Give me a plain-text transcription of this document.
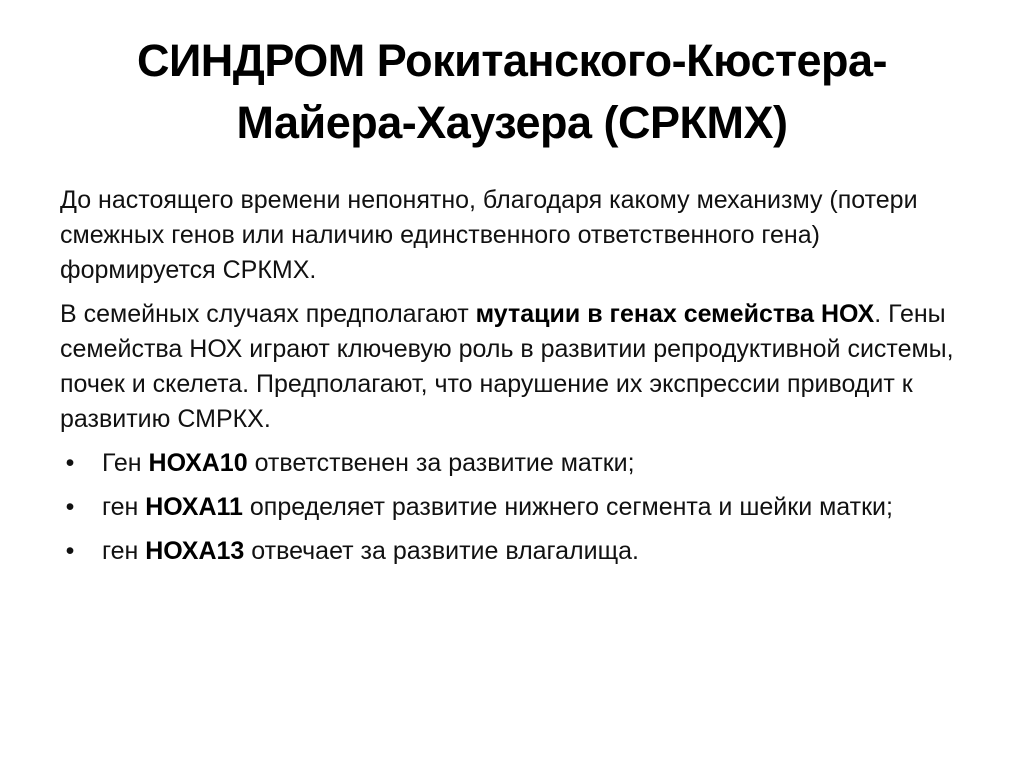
СИНДРОМ Рокитанского-Кюстера-
Майера-Хаузера (СРКМХ)

До настоящего времени непонятно, благодаря какому механизму (потери смежных генов или наличию единственного ответственного гена) формируется СРКМХ.

В семейных случаях предполагают мутации в генах семейства НОХ. Гены семейства НОХ играют ключевую роль в развитии репродуктивной системы, почек и скелета. Предполагают, что нарушение их экспрессии приводит к развитию СМРКХ.

• Ген НОХА10 ответственен за развитие матки;
• ген НОХА11 определяет развитие нижнего сегмента и шейки матки;
• ген НОХА13 отвечает за развитие влагалища.
